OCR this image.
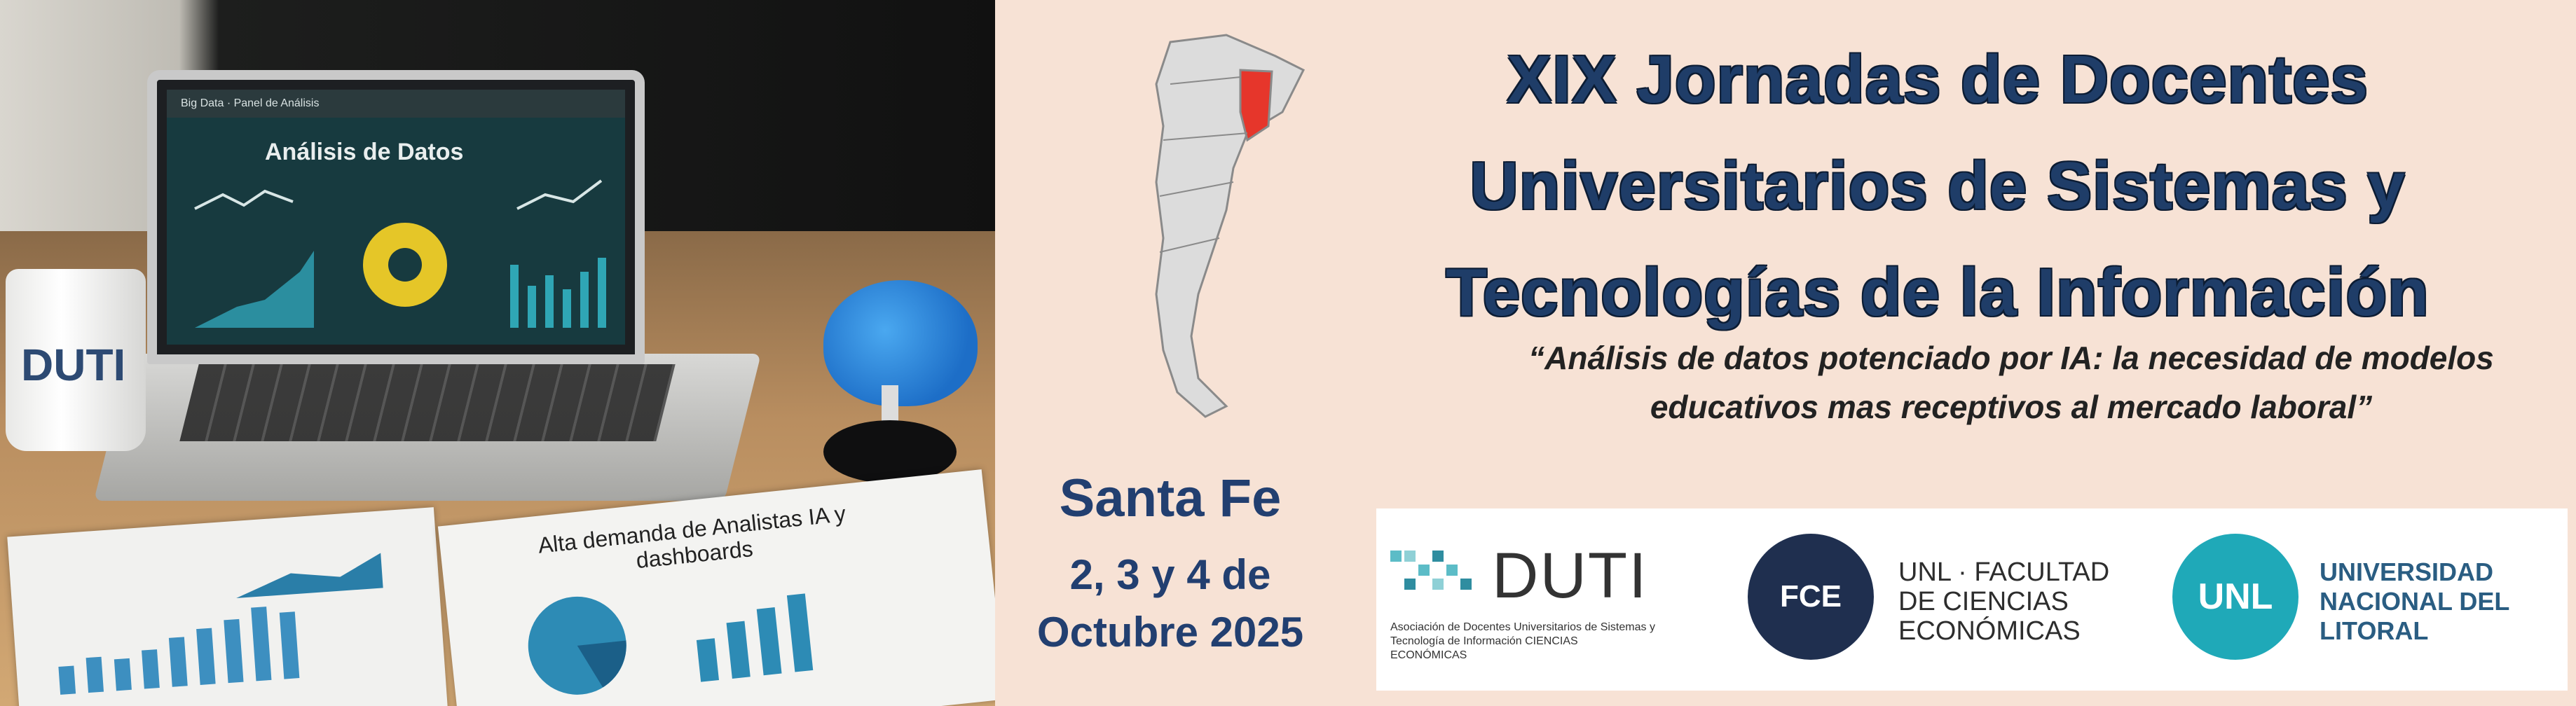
Big Data · Panel de Análisis
Análisis de Datos
DUTI
Alta demanda de Analistas IA y dashboards
XIX Jornadas de Docentes Universitarios de Sistemas y Tecnologías de la Información
“Análisis de datos potenciado por IA: la necesidad de modelos educativos mas receptivos al mercado laboral”
Santa Fe
2, 3 y 4 de Octubre 2025
DUTI
Asociación de Docentes Universitarios de Sistemas y Tecnología de Información CIENCIAS ECONÓMICAS
FCE
UNL · FACULTAD DE CIENCIAS ECONÓMICAS
UNL
UNIVERSIDAD NACIONAL DEL LITORAL
